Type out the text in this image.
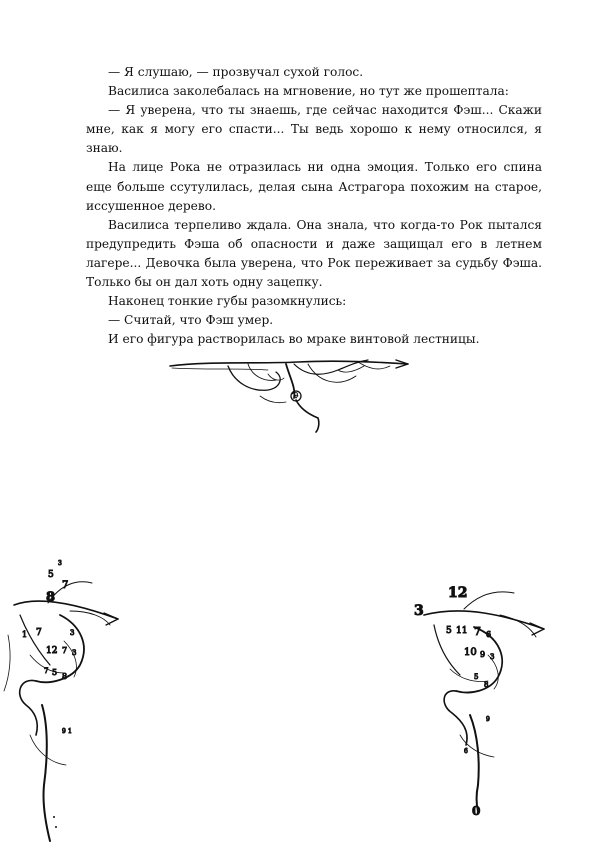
— Я слушаю, — прозвучал сухой голос.

Василиса заколебалась на мгновение, но тут же прошептала:

— Я уверена, что ты знаешь, где сейчас находится Фэш... Скажи мне, как я могу его спасти... Ты ведь хорошо к нему относился, я знаю.

На лице Рока не отразилась ни одна эмоция. Только его спина еще больше ссутулилась, делая сына Астрагора похожим на старое, иссушенное дерево.

Василиса терпеливо ждала. Она знала, что когда-то Рок пытался предупредить Фэша об опасности и даже защищал его в летнем лагере... Девочка была уверена, что Рок переживает за судьбу Фэша. Только бы он дал хоть одну зацепку.

Наконец тонкие губы разомкнулись:

— Считай, что Фэш умер.

И его фигура растворилась во мраке винтовой лестницы.

3
5
7
8
1 7	3
12 7 3
7 5 8
9 1
3
12
5 11 7 6
10 9 3
5
8
9
6
0
